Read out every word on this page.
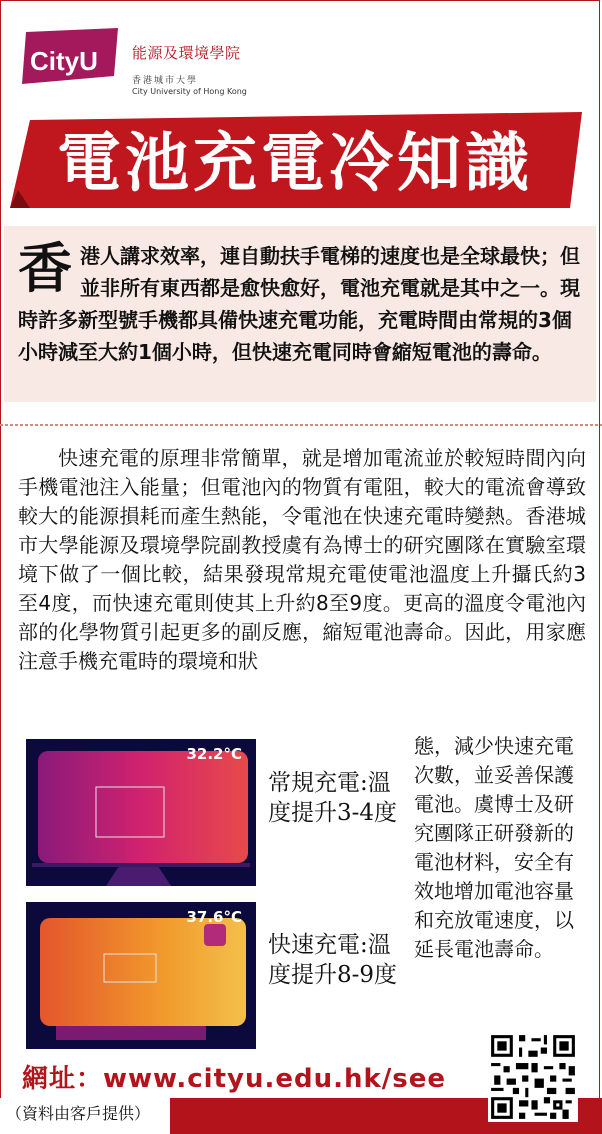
CityU 能源及環境學院
香港城市大學
City University of Hong Kong
電池充電冷知識
香 港人講求效率，連自動扶手電梯的速度也是全球最快；但並非所有東西都是愈快愈好，電池充電就是其中之一。現時許多新型號手機都具備快速充電功能，充電時間由常規的3個小時減至大約1個小時，但快速充電同時會縮短電池的壽命。
快速充電的原理非常簡單，就是增加電流並於較短時間內向手機電池注入能量；但電池內的物質有電阻，較大的電流會導致較大的能源損耗而產生熱能，令電池在快速充電時變熱。香港城市大學能源及環境學院副教授虞有為博士的研究團隊在實驗室環境下做了一個比較，結果發現常規充電使電池溫度上升攝氏約3至4度，而快速充電則使其上升約8至9度。更高的溫度令電池內部的化學物質引起更多的副反應，縮短電池壽命。因此，用家應注意手機充電時的環境和狀
32.2°C
常規充電:溫度提升3-4度
37.6°C
快速充電:溫度提升8-9度
態，減少快速充電次數，並妥善保護電池。虞博士及研究團隊正研發新的電池材料，安全有效地增加電池容量和充放電速度，以延長電池壽命。
（資料由客戶提供）
網址：www.cityu.edu.hk/see
